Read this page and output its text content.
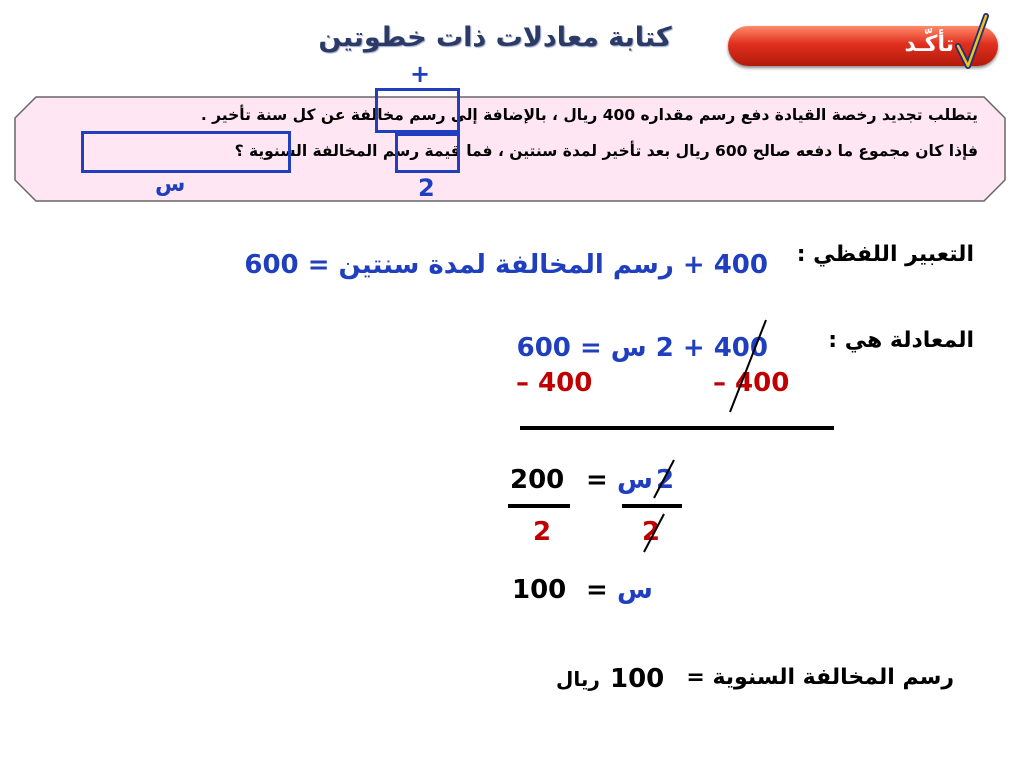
كتابة معادلات ذات خطوتين	تأكّـد
يتطلب تجديد رخصة القيادة دفع رسم مقداره 400 ريال ، بالإضافة إلى رسم مخالفة عن كل سنة تأخير .
فإذا كان مجموع ما دفعه صالح 600 ريال بعد تأخير لمدة سنتين ، فما قيمة رسم المخالفة السنوية ؟
+
2
س
التعبير اللفظي :
400 + رسم المخالفة لمدة سنتين = 600
المعادلة هي :
400 + 2 س = 600
– 400	– 400
200 = س 2
2	2
100 = س
رسم المخالفة السنوية =
100
ريال
